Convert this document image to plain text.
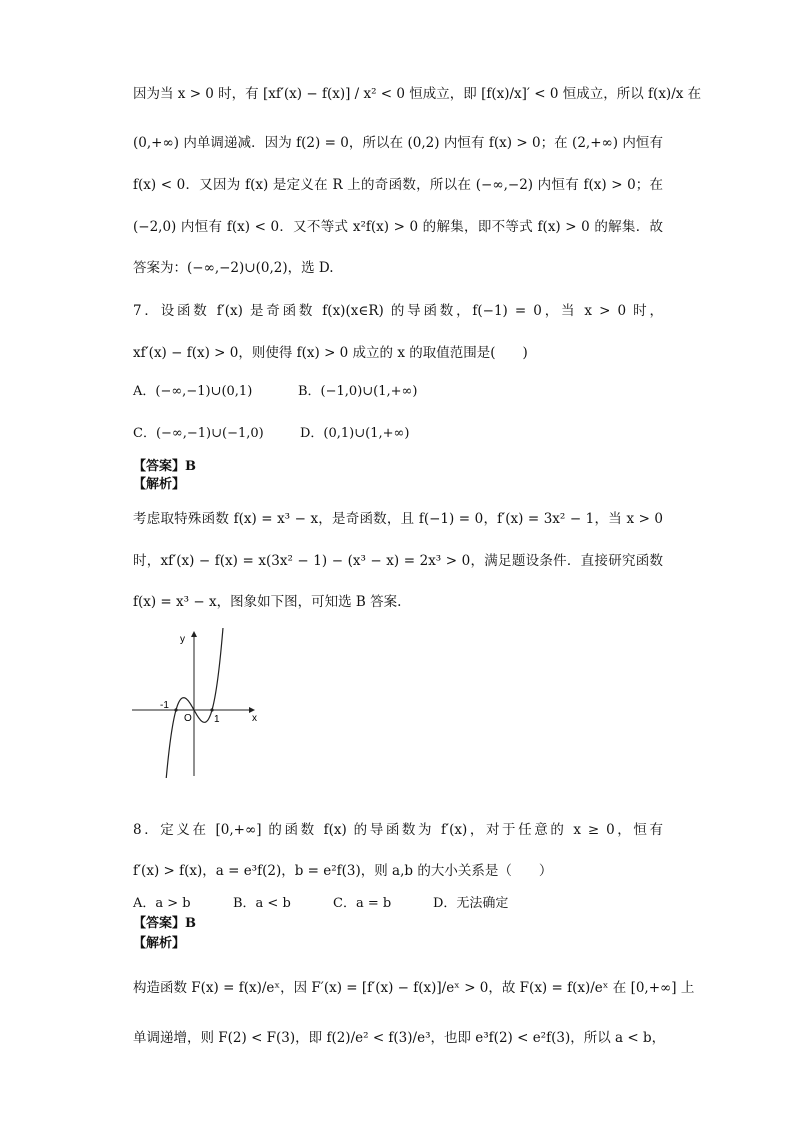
因为当 x > 0 时，有 [xf′(x) − f(x)] / x² < 0 恒成立，即 [f(x)/x]′ < 0 恒成立，所以 f(x)/x 在
(0,+∞) 内单调递减．因为 f(2) = 0，所以在 (0,2) 内恒有 f(x) > 0；在 (2,+∞) 内恒有
f(x) < 0．又因为 f(x) 是定义在 R 上的奇函数，所以在 (−∞,−2) 内恒有 f(x) > 0；在
(−2,0) 内恒有 f(x) < 0．又不等式 x²f(x) > 0 的解集，即不等式 f(x) > 0 的解集．故
答案为：(−∞,−2)∪(0,2)，选 D.
7．设函数 f′(x) 是奇函数 f(x)(x∈R) 的导函数，f(−1) = 0，当 x > 0 时，
xf′(x) − f(x) > 0，则使得 f(x) > 0 成立的 x 的取值范围是(　　)
A．(−∞,−1)∪(0,1)	B．(−1,0)∪(1,+∞)
C．(−∞,−1)∪(−1,0)	D．(0,1)∪(1,+∞)
【答案】B
【解析】
考虑取特殊函数 f(x) = x³ − x，是奇函数，且 f(−1) = 0，f′(x) = 3x² − 1，当 x > 0
时，xf′(x) − f(x) = x(3x² − 1) − (x³ − x) = 2x³ > 0，满足题设条件．直接研究函数
f(x) = x³ − x，图象如下图，可知选 B 答案.
y
x
O
-1
1
8．定义在 [0,+∞] 的函数 f(x) 的导函数为 f′(x)，对于任意的 x ≥ 0，恒有
f′(x) > f(x)，a = e³f(2)，b = e²f(3)，则 a,b 的大小关系是（　　）
A．a > b	B．a < b	C．a = b	D．无法确定
【答案】B
【解析】
构造函数 F(x) = f(x)/eˣ，因 F′(x) = [f′(x) − f(x)]/eˣ > 0，故 F(x) = f(x)/eˣ 在 [0,+∞] 上
单调递增，则 F(2) < F(3)，即 f(2)/e² < f(3)/e³，也即 e³f(2) < e²f(3)，所以 a < b，
